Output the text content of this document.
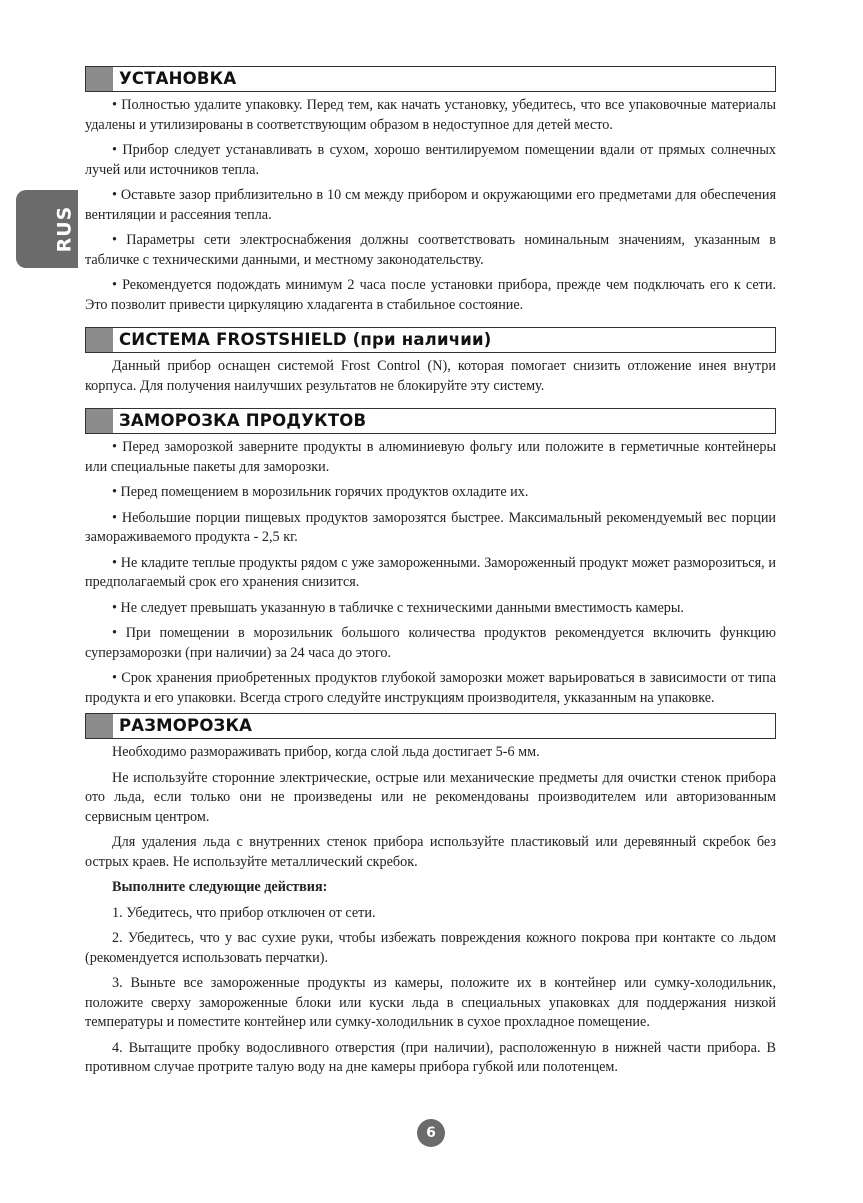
RUS
УСТАНОВКА

• Полностью удалите упаковку. Перед тем, как начать установку, убедитесь, что все упаковочные материалы удалены и утилизированы в соответствующим образом в недоступное для детей место.

• Прибор следует устанавливать в сухом, хорошо вентилируемом помещении вдали от прямых солнечных лучей или источников тепла.

• Оставьте зазор приблизительно в 10 см между прибором и окружающими его предметами для обеспечения вентиляции и рассеяния тепла.

• Параметры сети электроснабжения должны соответствовать номинальным значениям, указанным в табличке с техническими данными, и местному законодательству.

• Рекомендуется подождать минимум 2 часа после установки прибора, прежде чем подключать его к сети. Это позволит привести циркуляцию хладагента в стабильное состояние.

СИСТЕМА FROSTSHIELD (при наличии)

Данный прибор оснащен системой Frost Control (N), которая помогает снизить отложение инея внутри корпуса. Для получения наилучших результатов не блокируйте эту систему.

ЗАМОРОЗКА ПРОДУКТОВ

• Перед заморозкой заверните продукты в алюминиевую фольгу или положите в герметичные контейнеры или специальные пакеты для заморозки.

• Перед помещением в морозильник горячих продуктов охладите их.

• Небольшие порции пищевых продуктов заморозятся быстрее. Максимальный рекомендуемый вес порции замораживаемого продукта - 2,5 кг.

• Не кладите теплые продукты рядом с уже замороженными. Замороженный продукт может разморозиться, и предполагаемый срок его хранения снизится.

• Не следует превышать указанную в табличке с техническими данными вместимость камеры.

• При помещении в морозильник большого количества продуктов рекомендуется включить функцию суперзаморозки (при наличии) за 24 часа до этого.

• Срок хранения приобретенных продуктов глубокой заморозки может варьироваться в зависимости от типа продукта и его упаковки. Всегда строго следуйте инструкциям производителя, укказанным на упаковке.

РАЗМОРОЗКА

Необходимо размораживать прибор, когда слой льда достигает 5-6 мм.

Не используйте сторонние электрические, острые или механические предметы для очистки стенок прибора ото льда, если только они не произведены или не рекомендованы производителем или авторизованным сервисным центром.

Для удаления льда с внутренних стенок прибора используйте пластиковый или деревянный скребок без острых краев. Не используйте металлический скребок.

Выполните следующие действия:

1. Убедитесь, что прибор отключен от сети.

2. Убедитесь, что у вас сухие руки, чтобы избежать повреждения кожного покрова при контакте со льдом (рекомендуется использовать перчатки).

3. Выньте все замороженные продукты из камеры, положите их в контейнер или сумку-холодильник, положите сверху замороженные блоки или куски льда в специальных упаковках для поддержания низкой температуры и поместите контейнер или сумку-холодильник в сухое прохладное помещение.

4. Вытащите пробку водосливного отверстия (при наличии), расположенную в нижней части прибора. В противном случае протрите талую воду на дне камеры прибора губкой или полотенцем.

6
